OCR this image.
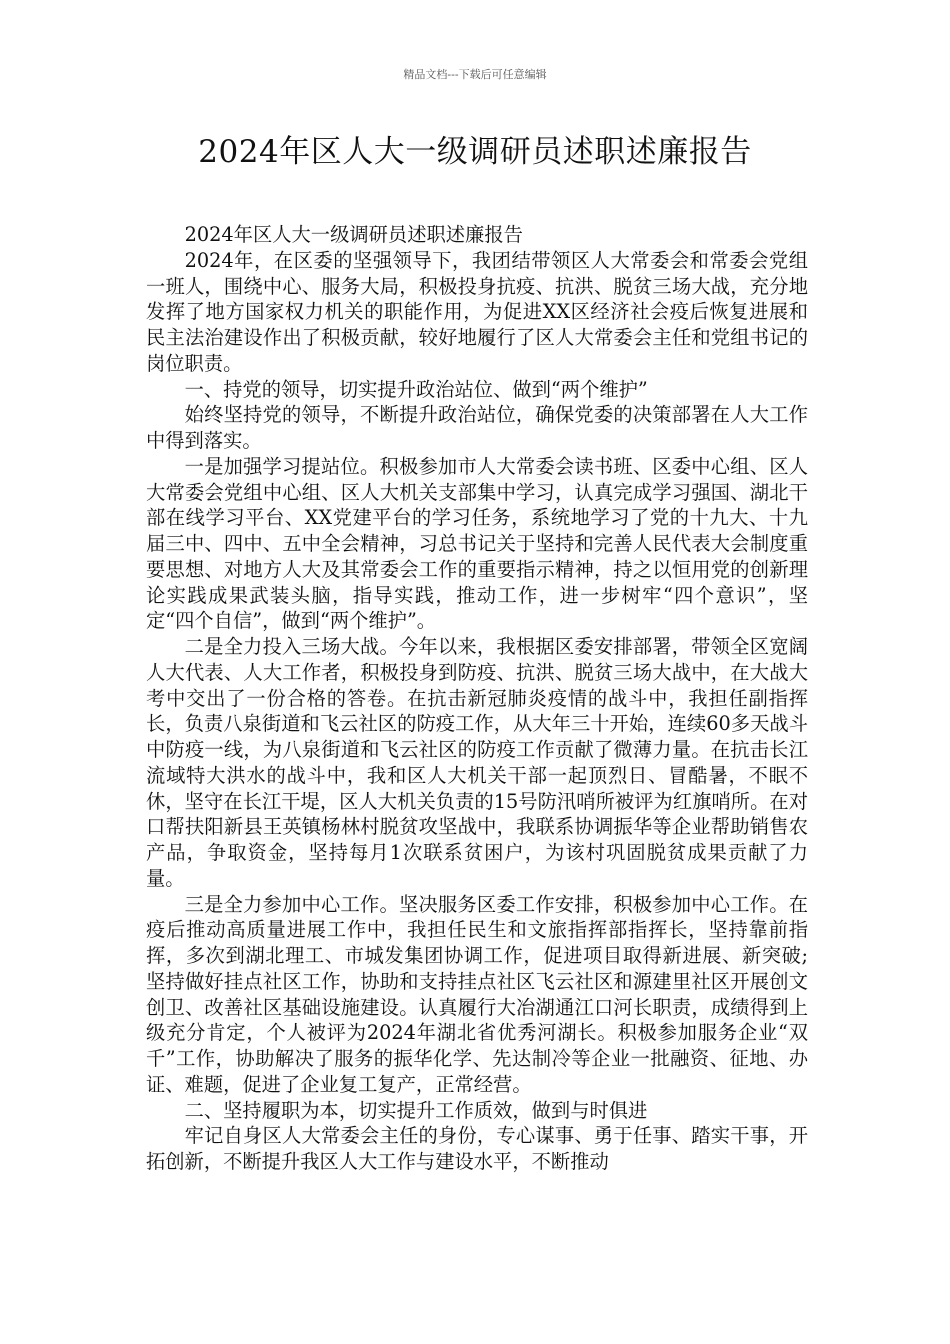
精品文档---下载后可任意编辑
2024年区人大一级调研员述职述廉报告

2024年区人大一级调研员述职述廉报告

2024年，在区委的坚强领导下，我团结带领区人大常委会和常委会党组一班人，围绕中心、服务大局，积极投身抗疫、抗洪、脱贫三场大战，充分地发挥了地方国家权力机关的职能作用，为促进XX区经济社会疫后恢复进展和民主法治建设作出了积极贡献，较好地履行了区人大常委会主任和党组书记的岗位职责。

一、持党的领导，切实提升政治站位、做到“两个维护”

始终坚持党的领导，不断提升政治站位，确保党委的决策部署在人大工作中得到落实。

一是加强学习提站位。积极参加市人大常委会读书班、区委中心组、区人大常委会党组中心组、区人大机关支部集中学习，认真完成学习强国、湖北干部在线学习平台、XX党建平台的学习任务，系统地学习了党的十九大、十九届三中、四中、五中全会精神，习总书记关于坚持和完善人民代表大会制度重要思想、对地方人大及其常委会工作的重要指示精神，持之以恒用党的创新理论实践成果武装头脑，指导实践，推动工作，进一步树牢“四个意识”，坚定“四个自信”，做到“两个维护”。

二是全力投入三场大战。今年以来，我根据区委安排部署，带领全区宽阔人大代表、人大工作者，积极投身到防疫、抗洪、脱贫三场大战中，在大战大考中交出了一份合格的答卷。在抗击新冠肺炎疫情的战斗中，我担任副指挥长，负责八泉街道和飞云社区的防疫工作，从大年三十开始，连续60多天战斗中防疫一线，为八泉街道和飞云社区的防疫工作贡献了微薄力量。在抗击长江流域特大洪水的战斗中，我和区人大机关干部一起顶烈日、冒酷暑，不眠不休，坚守在长江干堤，区人大机关负责的15号防汛哨所被评为红旗哨所。在对口帮扶阳新县王英镇杨林村脱贫攻坚战中，我联系协调振华等企业帮助销售农产品，争取资金，坚持每月1次联系贫困户，为该村巩固脱贫成果贡献了力量。

三是全力参加中心工作。坚决服务区委工作安排，积极参加中心工作。在疫后推动高质量进展工作中，我担任民生和文旅指挥部指挥长，坚持靠前指挥，多次到湖北理工、市城发集团协调工作，促进项目取得新进展、新突破;坚持做好挂点社区工作，协助和支持挂点社区飞云社区和源建里社区开展创文创卫、改善社区基础设施建设。认真履行大冶湖通江口河长职责，成绩得到上级充分肯定，个人被评为2024年湖北省优秀河湖长。积极参加服务企业“双千”工作，协助解决了服务的振华化学、先达制冷等企业一批融资、征地、办证、难题，促进了企业复工复产，正常经营。

二、坚持履职为本，切实提升工作质效，做到与时俱进

牢记自身区人大常委会主任的身份，专心谋事、勇于任事、踏实干事，开拓创新，不断提升我区人大工作与建设水平，不断推动
